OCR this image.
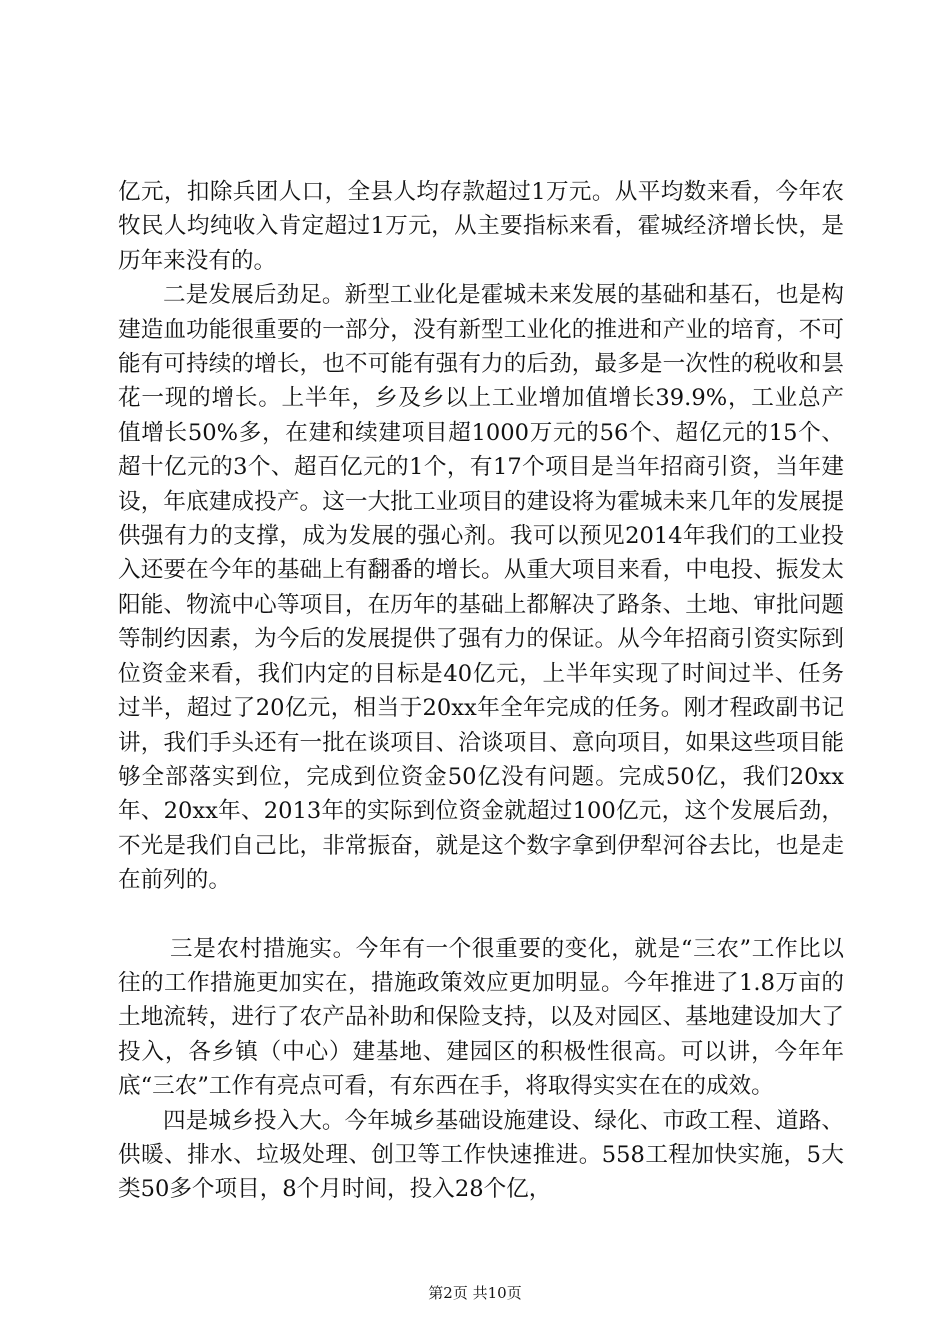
亿元，扣除兵团人口，全县人均存款超过1万元。从平均数来看，今年农牧民人均纯收入肯定超过1万元，从主要指标来看，霍城经济增长快，是历年来没有的。

二是发展后劲足。新型工业化是霍城未来发展的基础和基石，也是构建造血功能很重要的一部分，没有新型工业化的推进和产业的培育，不可能有可持续的增长，也不可能有强有力的后劲，最多是一次性的税收和昙花一现的增长。上半年，乡及乡以上工业增加值增长39.9%，工业总产值增长50%多，在建和续建项目超1000万元的56个、超亿元的15个、超十亿元的3个、超百亿元的1个，有17个项目是当年招商引资，当年建设，年底建成投产。这一大批工业项目的建设将为霍城未来几年的发展提供强有力的支撑，成为发展的强心剂。我可以预见2014年我们的工业投入还要在今年的基础上有翻番的增长。从重大项目来看，中电投、振发太阳能、物流中心等项目，在历年的基础上都解决了路条、土地、审批问题等制约因素，为今后的发展提供了强有力的保证。从今年招商引资实际到位资金来看，我们内定的目标是40亿元，上半年实现了时间过半、任务过半，超过了20亿元，相当于20xx年全年完成的任务。刚才程政副书记讲，我们手头还有一批在谈项目、洽谈项目、意向项目，如果这些项目能够全部落实到位，完成到位资金50亿没有问题。完成50亿，我们20xx年、20xx年、2013年的实际到位资金就超过100亿元，这个发展后劲，不光是我们自己比，非常振奋，就是这个数字拿到伊犁河谷去比，也是走在前列的。

三是农村措施实。今年有一个很重要的变化，就是“三农”工作比以往的工作措施更加实在，措施政策效应更加明显。今年推进了1.8万亩的土地流转，进行了农产品补助和保险支持，以及对园区、基地建设加大了投入，各乡镇（中心）建基地、建园区的积极性很高。可以讲，今年年底“三农”工作有亮点可看，有东西在手，将取得实实在在的成效。

四是城乡投入大。今年城乡基础设施建设、绿化、市政工程、道路、供暖、排水、垃圾处理、创卫等工作快速推进。558工程加快实施，5大类50多个项目，8个月时间，投入28个亿，

第2页 共10页
